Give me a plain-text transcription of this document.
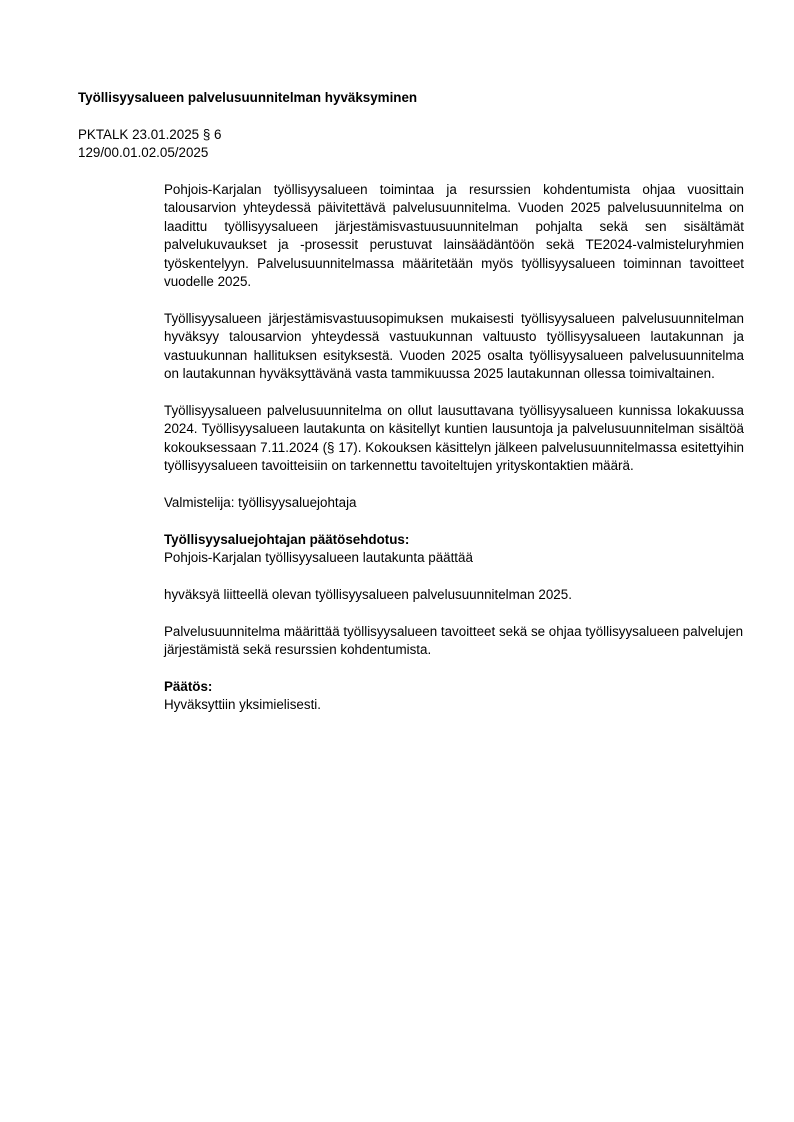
Työllisyysalueen palvelusuunnitelman hyväksyminen
PKTALK 23.01.2025 § 6
129/00.01.02.05/2025

Pohjois-Karjalan työllisyysalueen toimintaa ja resurssien kohdentumista ohjaa vuosittain talousarvion yhteydessä päivitettävä palvelusuunnitelma. Vuoden 2025 palvelusuunnitelma on laadittu työllisyysalueen järjestämisvastuusuunnitelman pohjalta sekä sen sisältämät palvelukuvaukset ja -prosessit perustuvat lainsäädäntöön sekä TE2024-valmisteluryhmien työskentelyyn. Palvelusuunnitelmassa määritetään myös työllisyysalueen toiminnan tavoitteet vuodelle 2025.

Työllisyysalueen järjestämisvastuusopimuksen mukaisesti työllisyysalueen palvelusuunnitelman hyväksyy talousarvion yhteydessä vastuukunnan valtuusto työllisyysalueen lautakunnan ja vastuukunnan hallituksen esityksestä. Vuoden 2025 osalta työllisyysalueen palvelusuunnitelma on lautakunnan hyväksyttävänä vasta tammikuussa 2025 lautakunnan ollessa toimivaltainen.

Työllisyysalueen palvelusuunnitelma on ollut lausuttavana työllisyysalueen kunnissa lokakuussa 2024. Työllisyysalueen lautakunta on käsitellyt kuntien lausuntoja ja palvelusuunnitelman sisältöä kokouksessaan 7.11.2024 (§ 17). Kokouksen käsittelyn jälkeen palvelusuunnitelmassa esitettyihin työllisyysalueen tavoitteisiin on tarkennettu tavoiteltujen yrityskontaktien määrä.

Valmistelija: työllisyysaluejohtaja

Työllisyysaluejohtajan päätösehdotus:

Pohjois-Karjalan työllisyysalueen lautakunta päättää

hyväksyä liitteellä olevan työllisyysalueen palvelusuunnitelman 2025.

Palvelusuunnitelma määrittää työllisyysalueen tavoitteet sekä se ohjaa työllisyysalueen palvelujen järjestämistä sekä resurssien kohdentumista.

Päätös:

Hyväksyttiin yksimielisesti.
